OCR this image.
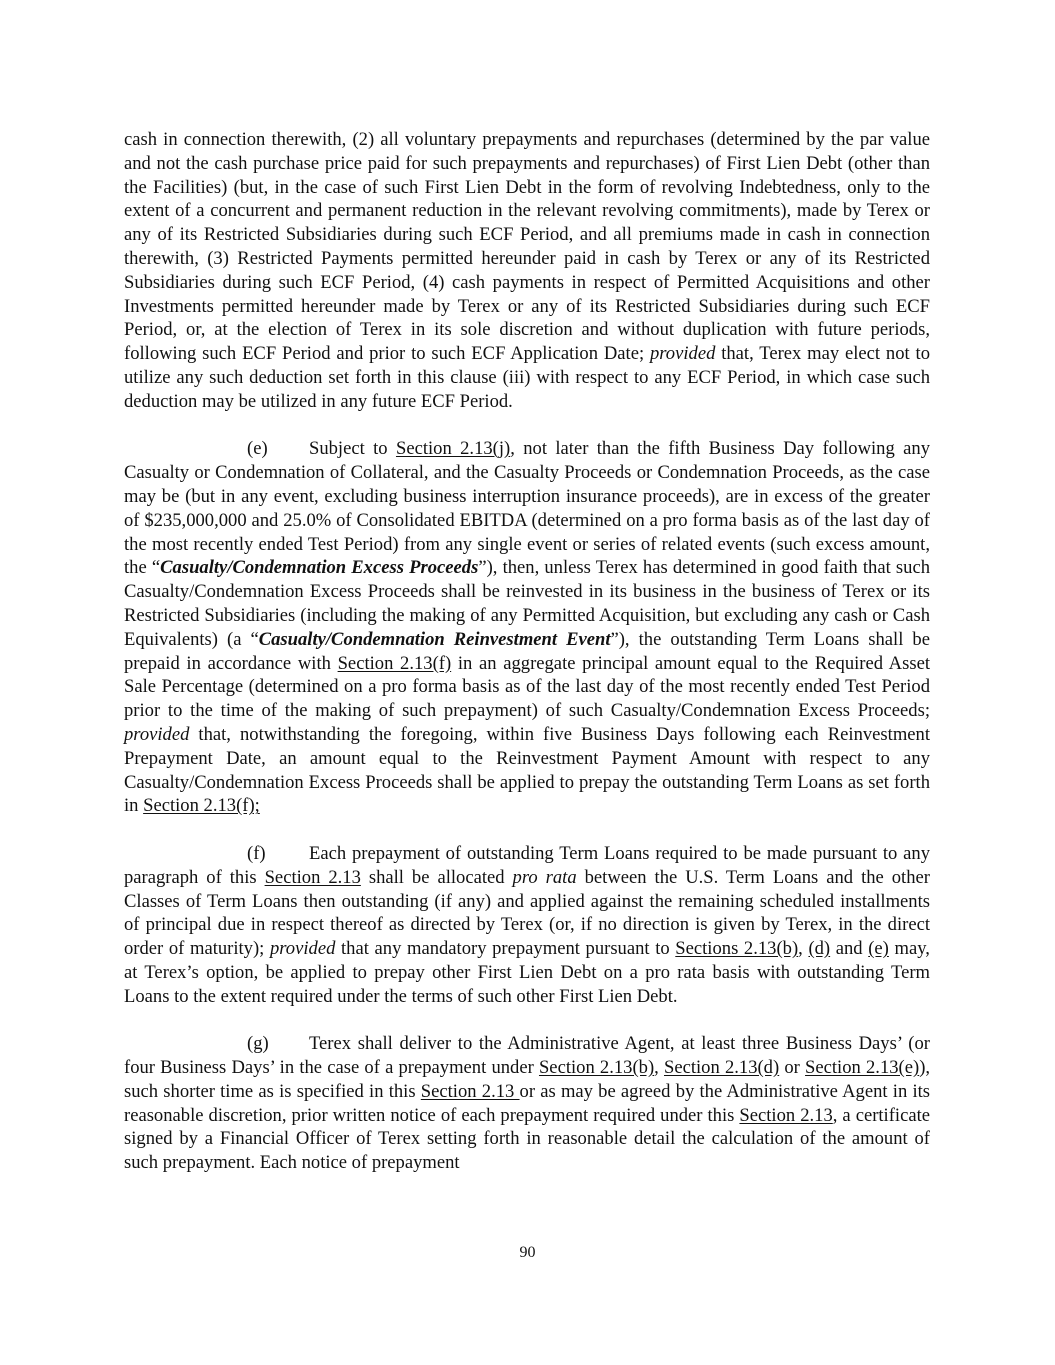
cash in connection therewith, (2) all voluntary prepayments and repurchases (determined by the par value and not the cash purchase price paid for such prepayments and repurchases) of First Lien Debt (other than the Facilities) (but, in the case of such First Lien Debt in the form of revolving Indebtedness, only to the extent of a concurrent and permanent reduction in the relevant revolving commitments), made by Terex or any of its Restricted Subsidiaries during such ECF Period, and all premiums made in cash in connection therewith, (3) Restricted Payments permitted hereunder paid in cash by Terex or any of its Restricted Subsidiaries during such ECF Period, (4) cash payments in respect of Permitted Acquisitions and other Investments permitted hereunder made by Terex or any of its Restricted Subsidiaries during such ECF Period, or, at the election of Terex in its sole discretion and without duplication with future periods, following such ECF Period and prior to such ECF Application Date; provided that, Terex may elect not to utilize any such deduction set forth in this clause (iii) with respect to any ECF Period, in which case such deduction may be utilized in any future ECF Period.

(e) Subject to Section 2.13(j), not later than the fifth Business Day following any Casualty or Condemnation of Collateral, and the Casualty Proceeds or Condemnation Proceeds, as the case may be (but in any event, excluding business interruption insurance proceeds), are in excess of the greater of $235,000,000 and 25.0% of Consolidated EBITDA (determined on a pro forma basis as of the last day of the most recently ended Test Period) from any single event or series of related events (such excess amount, the “Casualty/Condemnation Excess Proceeds”), then, unless Terex has determined in good faith that such Casualty/Condemnation Excess Proceeds shall be reinvested in its business in the business of Terex or its Restricted Subsidiaries (including the making of any Permitted Acquisition, but excluding any cash or Cash Equivalents) (a “Casualty/Condemnation Reinvestment Event”), the outstanding Term Loans shall be prepaid in accordance with Section 2.13(f) in an aggregate principal amount equal to the Required Asset Sale Percentage (determined on a pro forma basis as of the last day of the most recently ended Test Period prior to the time of the making of such prepayment) of such Casualty/Condemnation Excess Proceeds; provided that, notwithstanding the foregoing, within five Business Days following each Reinvestment Prepayment Date, an amount equal to the Reinvestment Payment Amount with respect to any Casualty/Condemnation Excess Proceeds shall be applied to prepay the outstanding Term Loans as set forth in Section 2.13(f);

(f) Each prepayment of outstanding Term Loans required to be made pursuant to any paragraph of this Section 2.13 shall be allocated pro rata between the U.S. Term Loans and the other Classes of Term Loans then outstanding (if any) and applied against the remaining scheduled installments of principal due in respect thereof as directed by Terex (or, if no direction is given by Terex, in the direct order of maturity); provided that any mandatory prepayment pursuant to Sections 2.13(b), (d) and (e) may, at Terex’s option, be applied to prepay other First Lien Debt on a pro rata basis with outstanding Term Loans to the extent required under the terms of such other First Lien Debt.

(g) Terex shall deliver to the Administrative Agent, at least three Business Days’ (or four Business Days’ in the case of a prepayment under Section 2.13(b), Section 2.13(d) or Section 2.13(e)), such shorter time as is specified in this Section 2.13 or as may be agreed by the Administrative Agent in its reasonable discretion, prior written notice of each prepayment required under this Section 2.13, a certificate signed by a Financial Officer of Terex setting forth in reasonable detail the calculation of the amount of such prepayment. Each notice of prepayment

90
